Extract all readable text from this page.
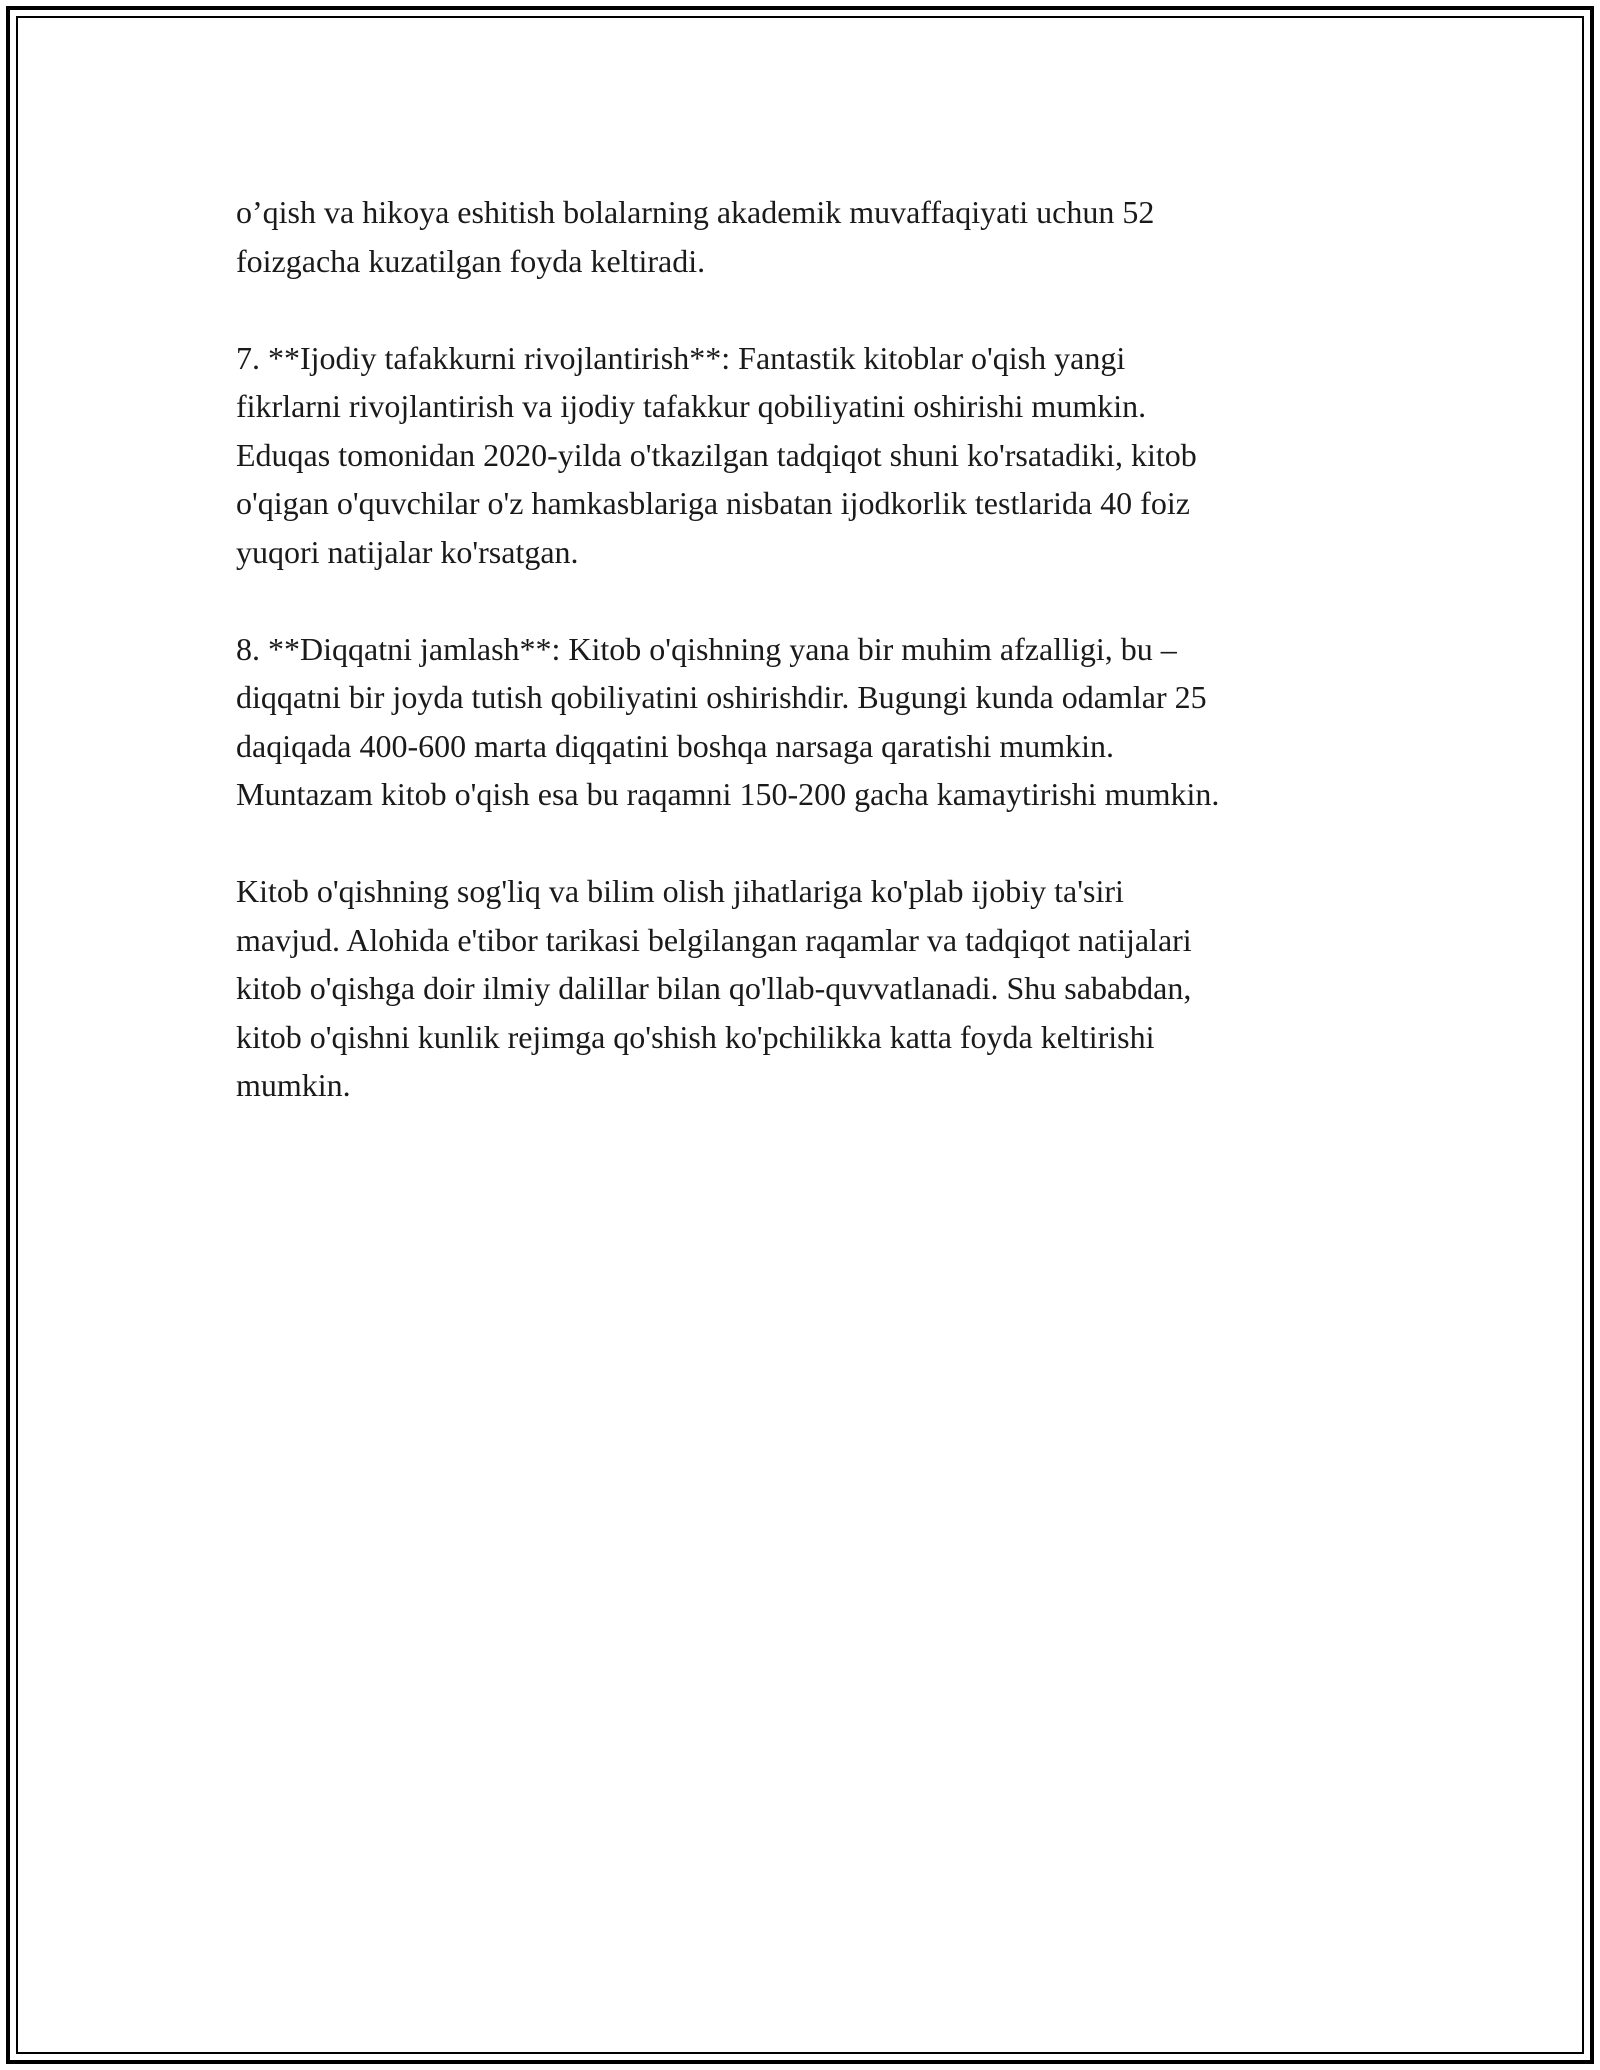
o’qish va hikoya eshitish bolalarning akademik muvaffaqiyati uchun 52
foizgacha kuzatilgan foyda keltiradi.

7. **Ijodiy tafakkurni rivojlantirish**: Fantastik kitoblar o'qish yangi
fikrlarni rivojlantirish va ijodiy tafakkur qobiliyatini oshirishi mumkin.
Eduqas tomonidan 2020-yilda o'tkazilgan tadqiqot shuni ko'rsatadiki, kitob
o'qigan o'quvchilar o'z hamkasblariga nisbatan ijodkorlik testlarida 40 foiz
yuqori natijalar ko'rsatgan.

8. **Diqqatni jamlash**: Kitob o'qishning yana bir muhim afzalligi, bu –
diqqatni bir joyda tutish qobiliyatini oshirishdir. Bugungi kunda odamlar 25
daqiqada 400-600 marta diqqatini boshqa narsaga qaratishi mumkin.
Muntazam kitob o'qish esa bu raqamni 150-200 gacha kamaytirishi mumkin.

Kitob o'qishning sog'liq va bilim olish jihatlariga ko'plab ijobiy ta'siri
mavjud. Alohida e'tibor tarikasi belgilangan raqamlar va tadqiqot natijalari
kitob o'qishga doir ilmiy dalillar bilan qo'llab-quvvatlanadi. Shu sababdan,
kitob o'qishni kunlik rejimga qo'shish ko'pchilikka katta foyda keltirishi
mumkin.
